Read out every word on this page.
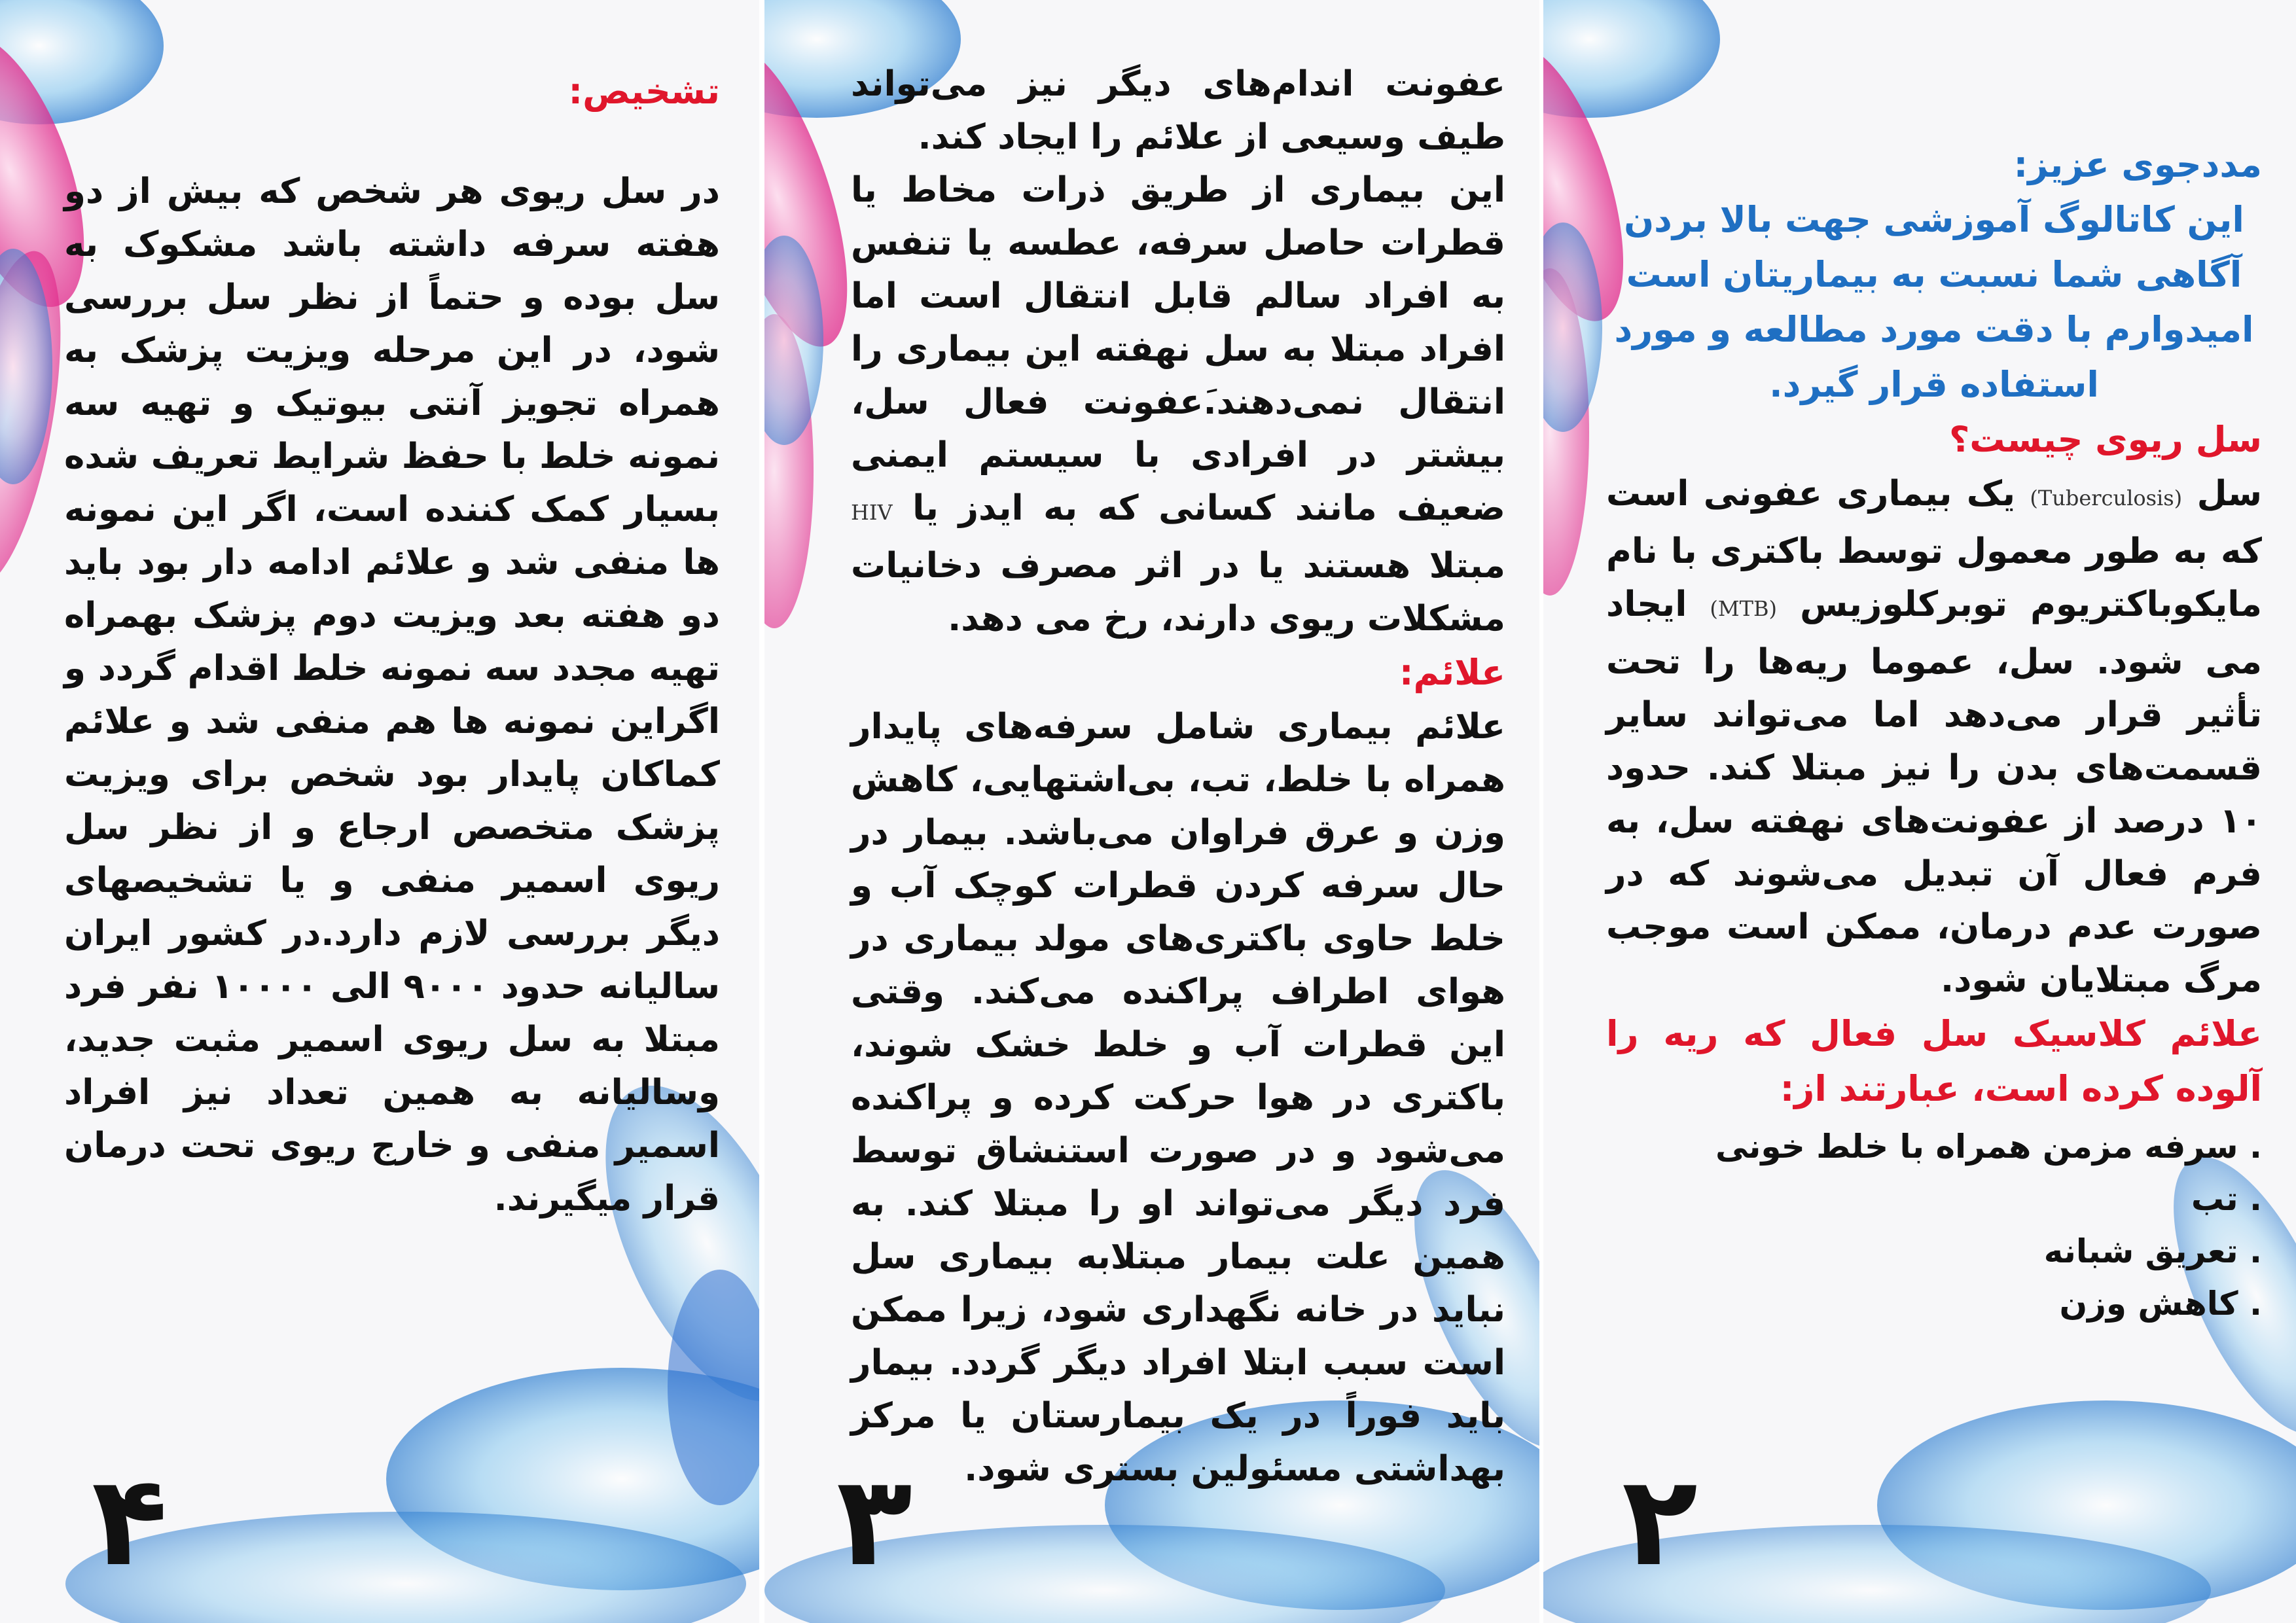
تشخیص:

در سل ریوی هر شخص که بیش از دو هفته سرفه داشته باشد مشکوک به سل بوده و حتماً از نظر سل بررسی شود، در این مرحله ویزیت پزشک به همراه تجویز آنتی بیوتیک و تهیه سه نمونه خلط با حفظ شرایط تعریف شده بسیار کمک کننده است، اگر این نمونه ها منفی شد و علائم ادامه دار بود باید دو هفته بعد ویزیت دوم پزشک بهمراه تهیه مجدد سه نمونه خلط اقدام گردد و اگراین نمونه ها هم منفی شد و علائم کماکان پایدار بود شخص برای ویزیت پزشک متخصص ارجاع و از نظر سل ریوی اسمیر منفی و یا تشخیصهای دیگر بررسی لازم دارد.در کشور ایران سالیانه حدود ۹۰۰۰ الی ۱۰۰۰۰ نفر فرد مبتلا به سل ریوی اسمیر مثبت جدید، وسالیانه به همین تعداد نیز افراد اسمیر منفی و خارج ریوی تحت درمان قرار میگیرند.

۴

عفونت اندام‌های دیگر نیز می‌تواند طیف وسیعی از علائم را ایجاد کند.

این بیماری از طریق ذرات مخاط یا قطرات حاصل سرفه، عطسه یا تنفس به افراد سالم قابل انتقال است اما افراد مبتلا به سل نهفته این بیماری را انتقال نمی‌دهند.َعفونت فعال سل، بیشتر در افرادی با سیستم ایمنی ضعیف مانند کسانی که به ایدز یا HIV مبتلا هستند یا در اثر مصرف دخانیات مشکلات ریوی دارند، رخ می دهد.

علائم:

علائم بیماری شامل سرفه‌های پایدار همراه با خلط، تب، بی‌اشتهایی، کاهش وزن و عرق فراوان می‌باشد. بیمار در حال سرفه کردن قطرات کوچک آب و خلط حاوی باکتری‌های مولد بیماری در هوای اطراف پراکنده می‌کند. وقتی این قطرات آب و خلط خشک شوند، باکتری در هوا حرکت کرده و پراکنده می‌شود و در صورت استنشاق توسط فرد دیگر می‌تواند او را مبتلا کند. به همین علت بیمار مبتلابه بیماری سل نباید در خانه نگهداری شود، زیرا ممکن است سبب ابتلا افراد دیگر گردد. بیمار باید فوراً در یک بیمارستان یا مرکز بهداشتی مسئولین بستری شود.

۳

مددجوی عزیز:

این کاتالوگ آموزشی جهت بالا بردن آگاهی شما نسبت به بیماریتان است امیدوارم با دقت مورد مطالعه و مورد استفاده قرار گیرد.

سل ریوی چیست؟

سل (Tuberculosis) یک بیماری عفونی است که به طور معمول توسط باکتری با نام مایکوباکتریوم توبرکلوزیس (MTB) ایجاد می شود. سل، عموما ریه‌ها را تحت تأثیر قرار می‌دهد اما می‌تواند سایر قسمت‌های بدن را نیز مبتلا کند. حدود ۱۰ درصد از عفونت‌های نهفته سل، به فرم فعال آن تبدیل می‌شوند که در صورت عدم درمان، ممکن است موجب مرگ مبتلایان شود.

علائم کلاسیک سل فعال که ریه را آلوده کرده است، عبارتند از:

. سرفه مزمن همراه با خلط خونی
. تب
. تعریق شبانه
. کاهش وزن
۲
